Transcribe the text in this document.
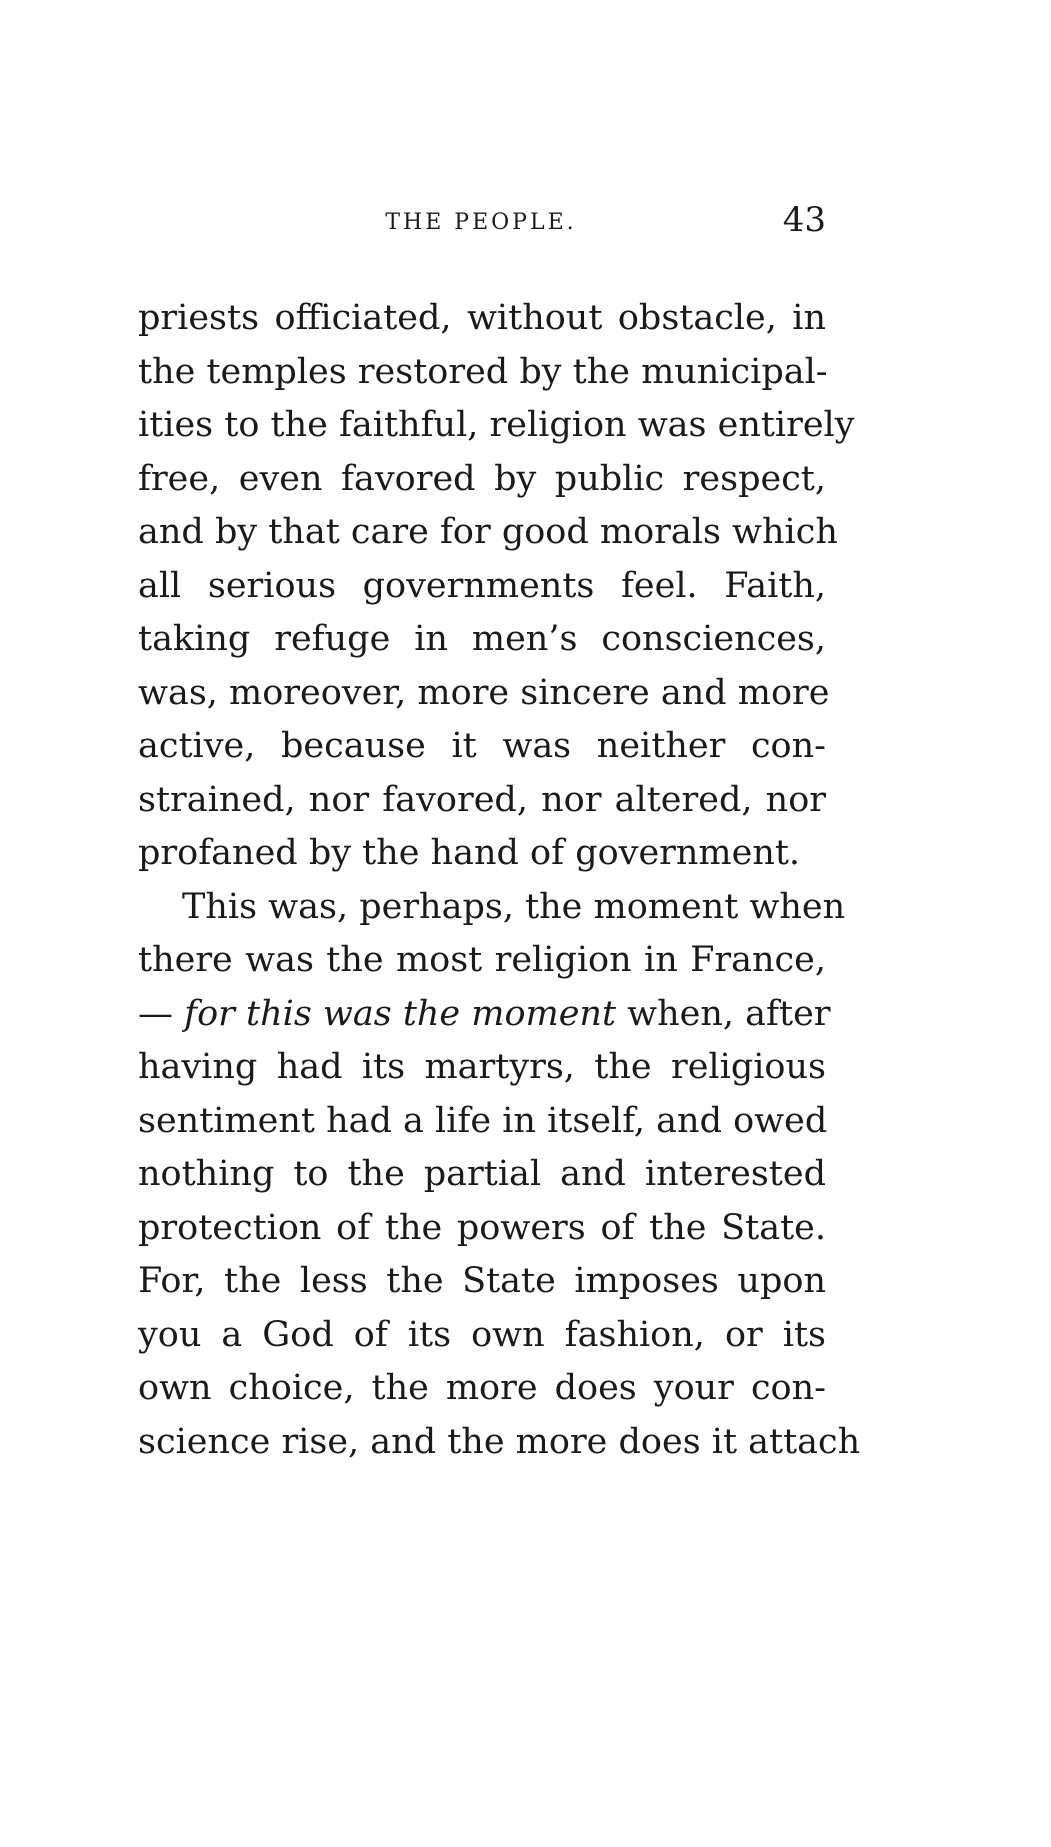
THE PEOPLE.	43
priests officiated, without obstacle, in
the temples restored by the municipal-
ities to the faithful, religion was entirely
free, even favored by public respect,
and by that care for good morals which
all serious governments feel. Faith,
taking refuge in men’s consciences,
was, moreover, more sincere and more
active, because it was neither con-
strained, nor favored, nor altered, nor
profaned by the hand of government.
This was, perhaps, the moment when
there was the most religion in France,
— for this was the moment when, after
having had its martyrs, the religious
sentiment had a life in itself, and owed
nothing to the partial and interested
protection of the powers of the State.
For, the less the State imposes upon
you a God of its own fashion, or its
own choice, the more does your con-
science rise, and the more does it attach
